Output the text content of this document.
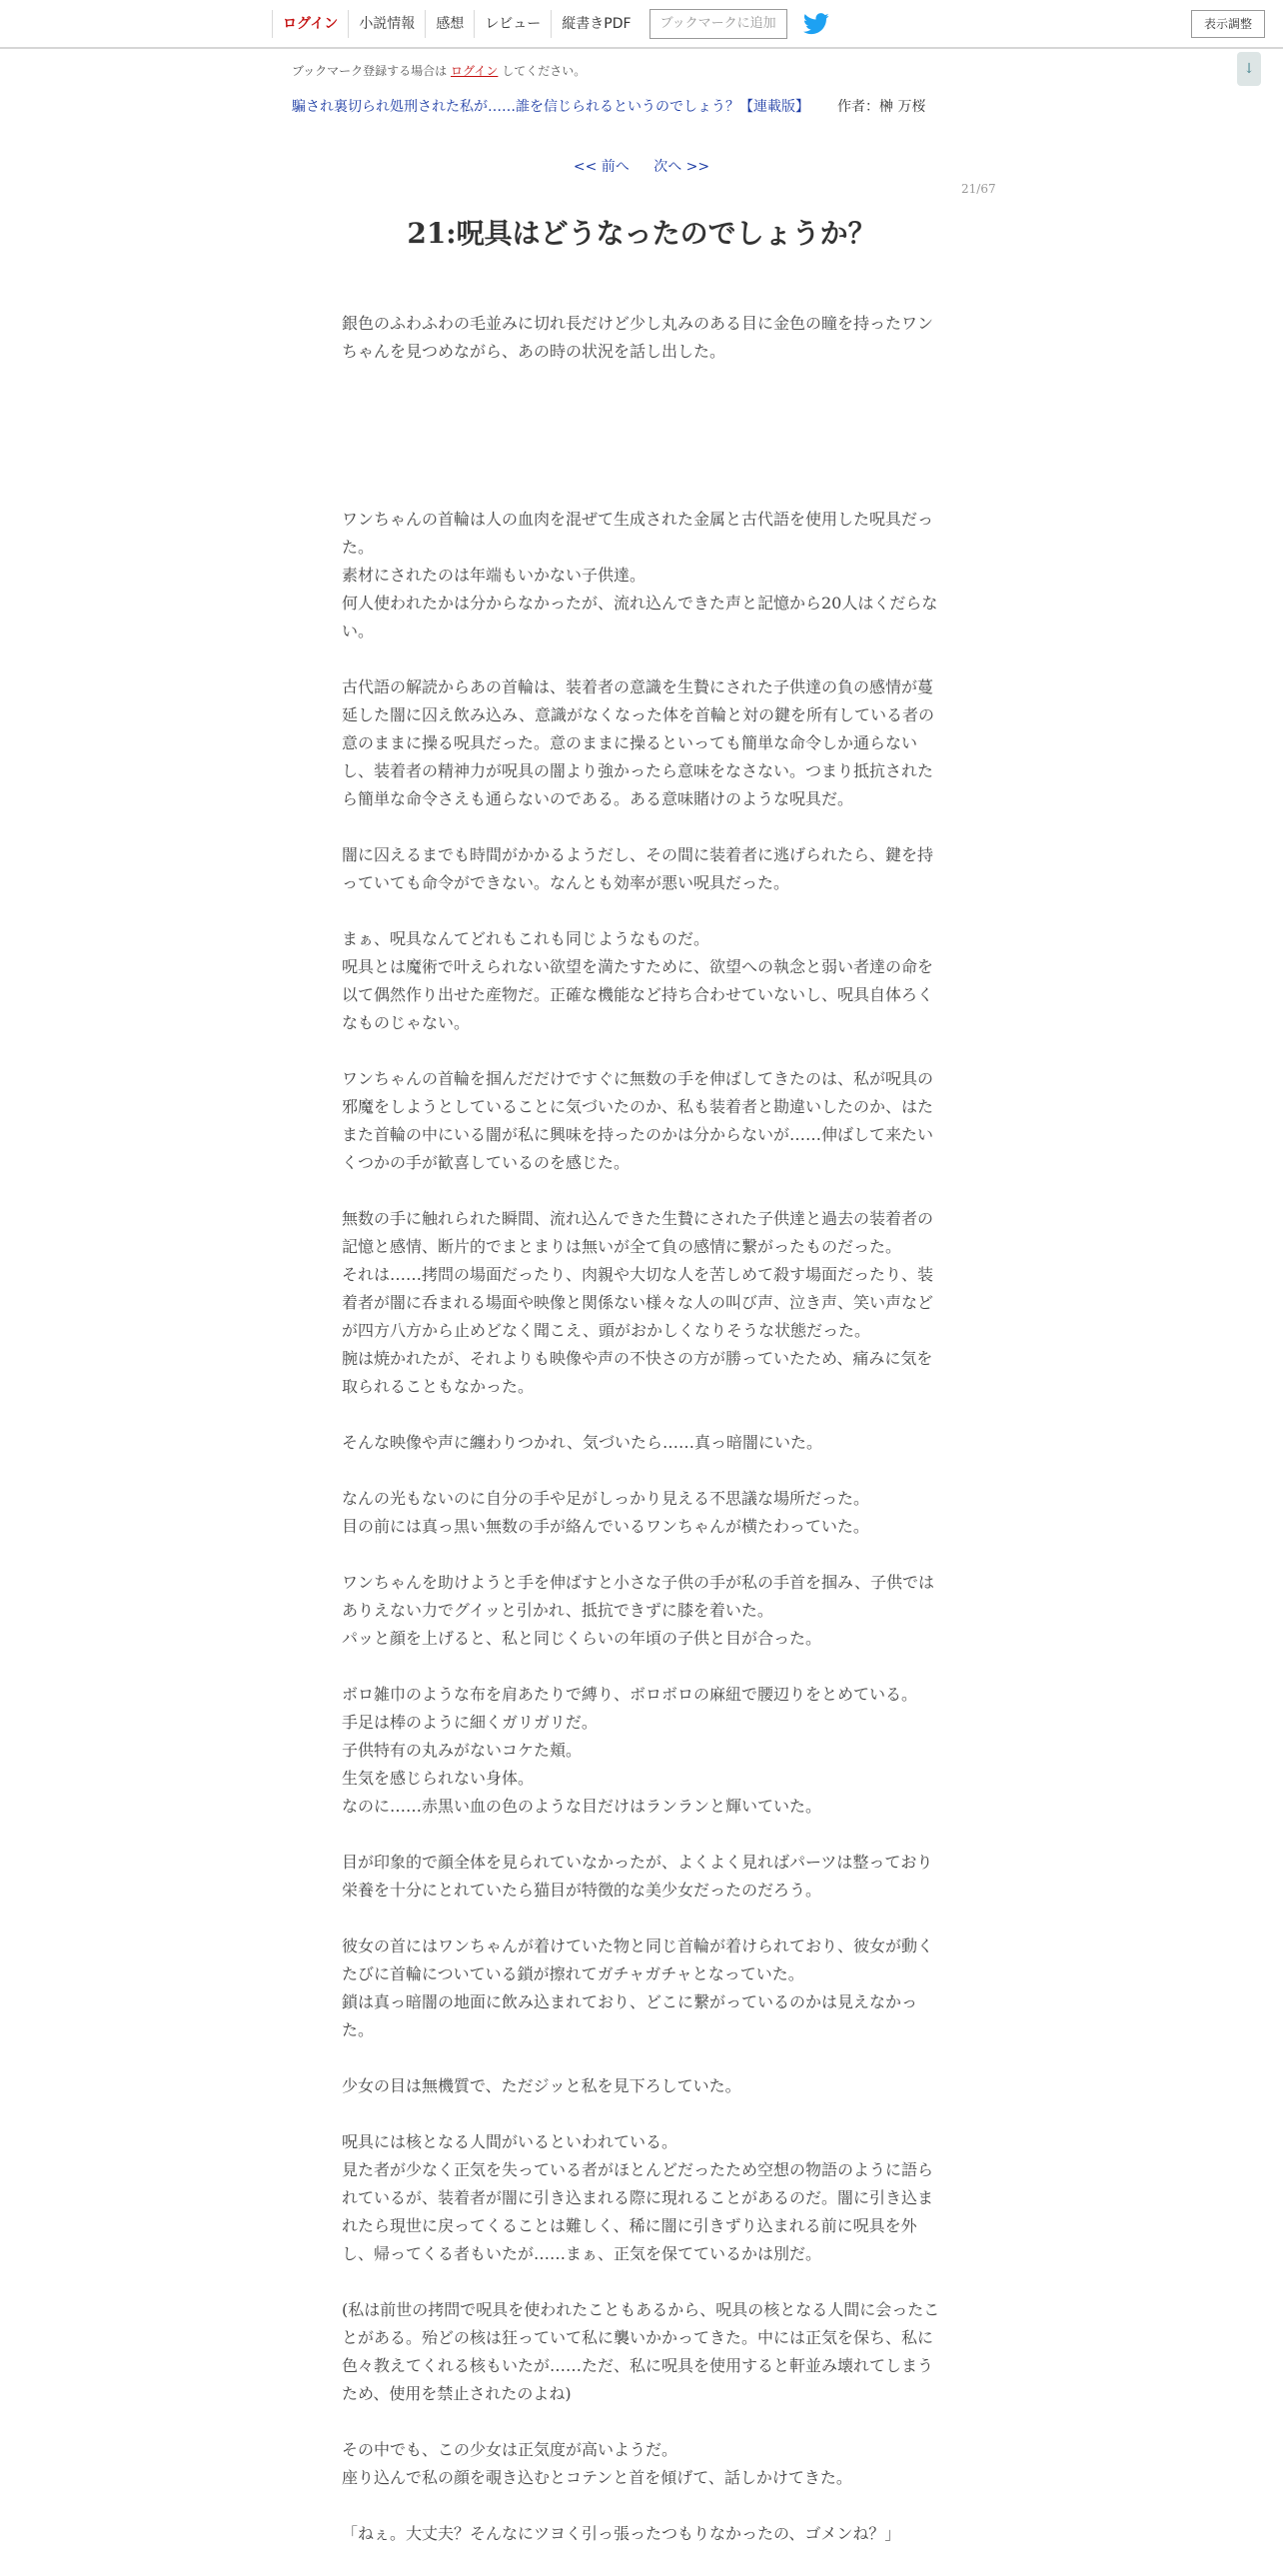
ログイン	小説情報	感想	レビュー	縦書きPDF	ブックマークに追加	表示調整
↓
ブックマーク登録する場合は ログイン してください。
騙され裏切られ処刑された私が……誰を信じられるというのでしょう？【連載版】 作者：榊 万桜
<< 前へ 次へ >>
21/67
21:呪具はどうなったのでしょうか？

銀色のふわふわの毛並みに切れ長だけど少し丸みのある目に金色の瞳を持ったワンちゃんを見つめながら、あの時の状況を話し出した。

ワンちゃんの首輪は人の血肉を混ぜて生成された金属と古代語を使用した呪具だった。
素材にされたのは年端もいかない子供達。
何人使われたかは分からなかったが、流れ込んできた声と記憶から20人はくだらない。

古代語の解読からあの首輪は、装着者の意識を生贄にされた子供達の負の感情が蔓延した闇に囚え飲み込み、意識がなくなった体を首輪と対の鍵を所有している者の意のままに操る呪具だった。意のままに操るといっても簡単な命令しか通らないし、装着者の精神力が呪具の闇より強かったら意味をなさない。つまり抵抗されたら簡単な命令さえも通らないのである。ある意味賭けのような呪具だ。

闇に囚えるまでも時間がかかるようだし、その間に装着者に逃げられたら、鍵を持っていても命令ができない。なんとも効率が悪い呪具だった。

まぁ、呪具なんてどれもこれも同じようなものだ。
呪具とは魔術で叶えられない欲望を満たすために、欲望への執念と弱い者達の命を以て偶然作り出せた産物だ。正確な機能など持ち合わせていないし、呪具自体ろくなものじゃない。

ワンちゃんの首輪を掴んだだけですぐに無数の手を伸ばしてきたのは、私が呪具の邪魔をしようとしていることに気づいたのか、私も装着者と勘違いしたのか、はたまた首輪の中にいる闇が私に興味を持ったのかは分からないが……伸ばして来たいくつかの手が歓喜しているのを感じた。

無数の手に触れられた瞬間、流れ込んできた生贄にされた子供達と過去の装着者の記憶と感情、断片的でまとまりは無いが全て負の感情に繋がったものだった。
それは……拷問の場面だったり、肉親や大切な人を苦しめて殺す場面だったり、装着者が闇に呑まれる場面や映像と関係ない様々な人の叫び声、泣き声、笑い声などが四方八方から止めどなく聞こえ、頭がおかしくなりそうな状態だった。
腕は焼かれたが、それよりも映像や声の不快さの方が勝っていたため、痛みに気を取られることもなかった。

そんな映像や声に纏わりつかれ、気づいたら……真っ暗闇にいた。

なんの光もないのに自分の手や足がしっかり見える不思議な場所だった。
目の前には真っ黒い無数の手が絡んでいるワンちゃんが横たわっていた。

ワンちゃんを助けようと手を伸ばすと小さな子供の手が私の手首を掴み、子供ではありえない力でグイッと引かれ、抵抗できずに膝を着いた。
パッと顔を上げると、私と同じくらいの年頃の子供と目が合った。

ボロ雑巾のような布を肩あたりで縛り、ボロボロの麻紐で腰辺りをとめている。
手足は棒のように細くガリガリだ。
子供特有の丸みがないコケた頬。
生気を感じられない身体。
なのに……赤黒い血の色のような目だけはランランと輝いていた。

目が印象的で顔全体を見られていなかったが、よくよく見ればパーツは整っており栄養を十分にとれていたら猫目が特徴的な美少女だったのだろう。

彼女の首にはワンちゃんが着けていた物と同じ首輪が着けられており、彼女が動くたびに首輪についている鎖が擦れてガチャガチャとなっていた。
鎖は真っ暗闇の地面に飲み込まれており、どこに繋がっているのかは見えなかった。

少女の目は無機質で、ただジッと私を見下ろしていた。

呪具には核となる人間がいるといわれている。
見た者が少なく正気を失っている者がほとんどだったため空想の物語のように語られているが、装着者が闇に引き込まれる際に現れることがあるのだ。闇に引き込まれたら現世に戻ってくることは難しく、稀に闇に引きずり込まれる前に呪具を外し、帰ってくる者もいたが……まぁ、正気を保てているかは別だ。

(私は前世の拷問で呪具を使われたこともあるから、呪具の核となる人間に会ったことがある。殆どの核は狂っていて私に襲いかかってきた。中には正気を保ち、私に色々教えてくれる核もいたが……ただ、私に呪具を使用すると軒並み壊れてしまうため、使用を禁止されたのよね)

その中でも、この少女は正気度が高いようだ。
座り込んで私の顔を覗き込むとコテンと首を傾げて、話しかけてきた。

「ねぇ。大丈夫？そんなにツヨく引っ張ったつもりなかったの、ゴメンね？」
